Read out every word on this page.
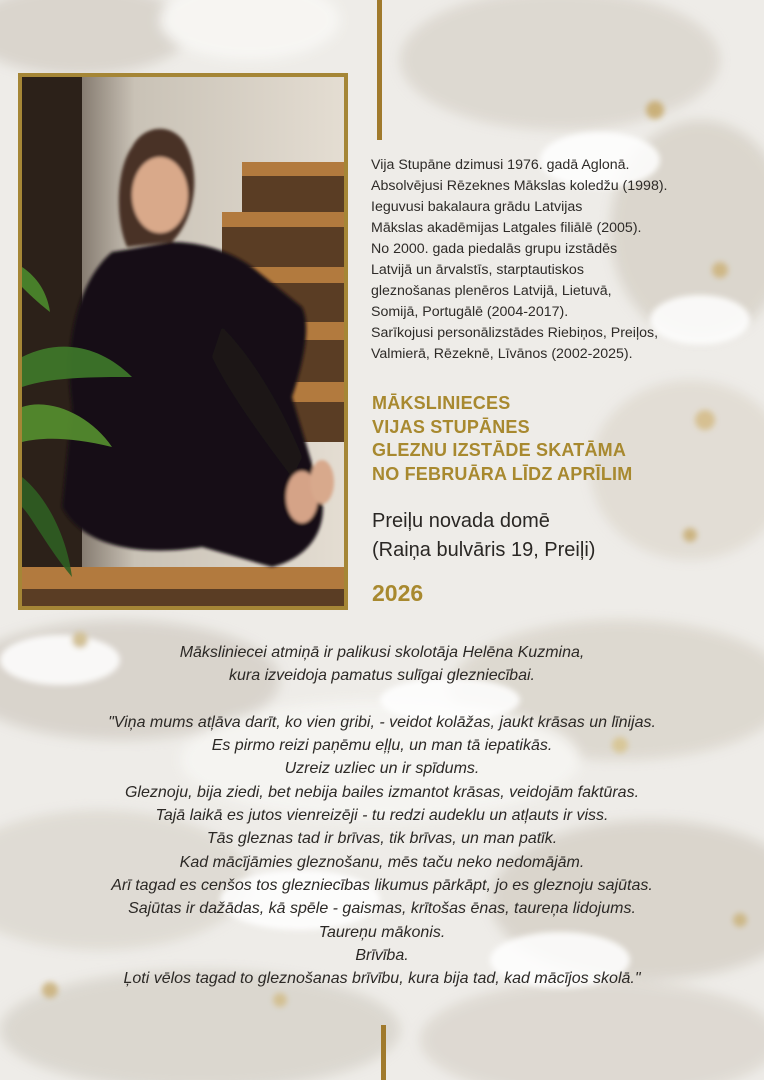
Vija Stupāne dzimusi 1976. gadā Aglonā.
Absolvējusi Rēzeknes Mākslas koledžu (1998).
Ieguvusi bakalaura grādu Latvijas
Mākslas akadēmijas Latgales filiālē (2005).
No 2000. gada piedalās grupu izstādēs
Latvijā un ārvalstīs, starptautiskos
gleznošanas plenēros Latvijā, Lietuvā,
Somijā, Portugālē (2004-2017).
Sarīkojusi personālizstādes Riebiņos, Preiļos,
Valmierā, Rēzeknē, Līvānos (2002-2025).
MĀKSLINIECES
VIJAS STUPĀNES
GLEZNU IZSTĀDE SKATĀMA
NO FEBRUĀRA LĪDZ APRĪLIM
Preiļu novada domē
(Raiņa bulvāris 19, Preiļi)
2026
Māksliniecei atmiņā ir palikusi skolotāja Helēna Kuzmina,
kura izveidoja pamatus sulīgai glezniecībai.
"Viņa mums atļāva darīt, ko vien gribi, - veidot kolāžas, jaukt krāsas un līnijas.
Es pirmo reizi paņēmu eļļu, un man tā iepatikās.
Uzreiz uzliec un ir spīdums.
Gleznoju, bija ziedi, bet nebija bailes izmantot krāsas, veidojām faktūras.
Tajā laikā es jutos vienreizēji - tu redzi audeklu un atļauts ir viss.
Tās gleznas tad ir brīvas, tik brīvas, un man patīk.
Kad mācījāmies gleznošanu, mēs taču neko nedomājām.
Arī tagad es cenšos tos glezniecības likumus pārkāpt, jo es gleznoju sajūtas.
Sajūtas ir dažādas, kā spēle - gaismas, krītošas ēnas, taureņa lidojums.
Taureņu mākonis.
Brīvība.
Ļoti vēlos tagad to gleznošanas brīvību, kura bija tad, kad mācījos skolā."
